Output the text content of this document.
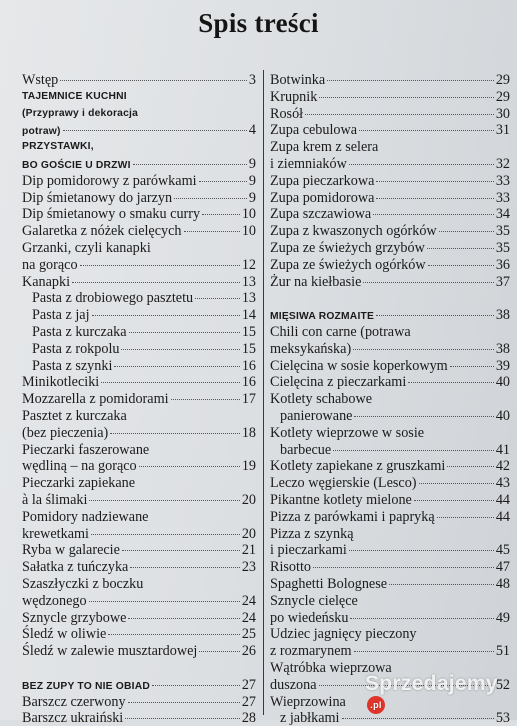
Spis treści
Wstęp	3
TAJEMNICE KUCHNI
(Przyprawy i dekoracja
potraw)	4
PRZYSTAWKI,
BO GOŚCIE U DRZWI	9
Dip pomidorowy z parówkami	9
Dip śmietanowy do jarzyn	9
Dip śmietanowy o smaku curry	10
Galaretka z nóżek cielęcych	10
Grzanki, czyli kanapki
na gorąco	12
Kanapki	13
Pasta z drobiowego pasztetu	13
Pasta z jaj	14
Pasta z kurczaka	15
Pasta z rokpolu	15
Pasta z szynki	16
Minikotleciki	16
Mozzarella z pomidorami	17
Pasztet z kurczaka
(bez pieczenia)	18
Pieczarki faszerowane
wędliną – na gorąco	19
Pieczarki zapiekane
à la ślimaki	20
Pomidory nadziewane
krewetkami	20
Ryba w galarecie	21
Sałatka z tuńczyka	23
Szaszłyczki z boczku
wędzonego	24
Sznycle grzybowe	24
Śledź w oliwie	25
Śledź w zalewie musztardowej	26
BEZ ZUPY TO NIE OBIAD	27
Barszcz czerwony	27
Barszcz ukraiński	28
Botwinka	29
Krupnik	29
Rosół	30
Zupa cebulowa	31
Zupa krem z selera
i ziemniaków	32
Zupa pieczarkowa	33
Zupa pomidorowa	33
Zupa szczawiowa	34
Zupa z kwaszonych ogórków	35
Zupa ze świeżych grzybów	35
Zupa ze świeżych ogórków	36
Żur na kiełbasie	37
MIĘSIWA ROZMAITE	38
Chili con carne (potrawa
meksykańska)	38
Cielęcina w sosie koperkowym	39
Cielęcina z pieczarkami	40
Kotlety schabowe
panierowane	40
Kotlety wieprzowe w sosie
barbecue	41
Kotlety zapiekane z gruszkami	42
Leczo węgierskie (Lesco)	43
Pikantne kotlety mielone	44
Pizza z parówkami i papryką	44
Pizza z szynką
i pieczarkami	45
Risotto	47
Spaghetti Bolognese	48
Sznycle cielęce
po wiedeńsku	49
Udziec jagnięcy pieczony
z rozmarynem	51
Wątróbka wieprzowa
duszona	52
Wieprzowina
z jabłkami	53
Sprzedajemy.pl
